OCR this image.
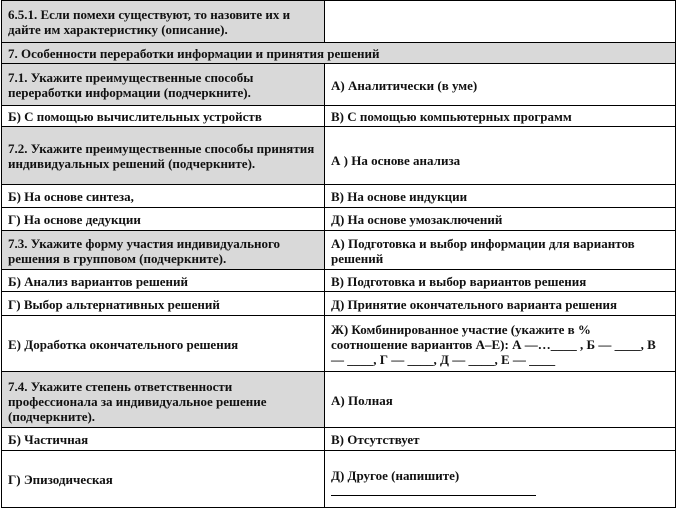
6.5.1. Если помехи существуют, то назовите их и дайте им характеристику (описание).	
7. Особенности переработки информации и принятия решений	
7.1. Укажите преимущественные способы переработки информации (подчеркните).	А) Аналитически (в уме)
Б) С помощью вычислительных устройств	В) С помощью компьютерных программ
7.2. Укажите преимущественные способы принятия индивидуальных решений (подчеркните).	А ) На основе анализа
Б) На основе синтеза,	В) На основе индукции
Г) На основе дедукции	Д) На основе умозаключений
7.3. Укажите форму участия индивидуального решения в групповом (подчеркните).	А) Подготовка и выбор информации для вариантов решений
Б) Анализ вариантов решений	В) Подготовка и выбор вариантов решения
Г) Выбор альтернативных решений	Д) Принятие окончательного варианта решения
Е) Доработка окончательного решения	Ж) Комбинированное участие (укажите в % соотношение вариантов А–Е): А —…____ , Б — ____, В — ____, Г — ____, Д — ____, Е — ____
7.4. Укажите степень ответственности профессионала за индивидуальное решение (подчеркните).	А) Полная
Б) Частичная	В) Отсутствует
Г) Эпизодическая	Д) Другое (напишите)
